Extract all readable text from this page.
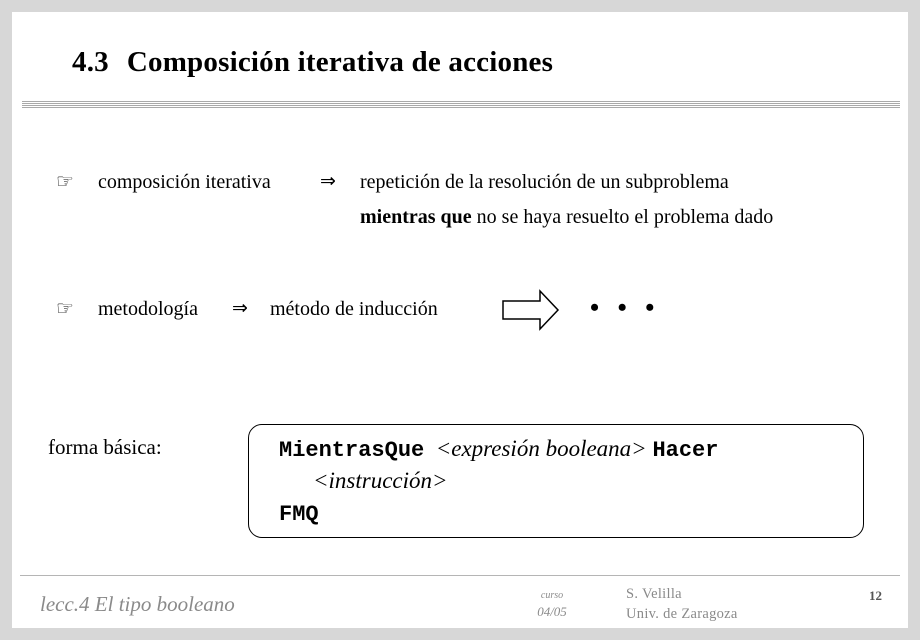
4.3 Composición iterativa de acciones
☞ composición iterativa	⇒ repetición de la resolución de un subproblema
mientras que no se haya resuelto el problema dado
☞ metodología ⇒ método de inducción	• • •
forma básica:	MientrasQue <expresión booleana> Hacer
<instrucción>
FMQ
lecc.4 El tipo booleano	curso
04/05
S. Velilla
Univ. de Zaragoza
12
